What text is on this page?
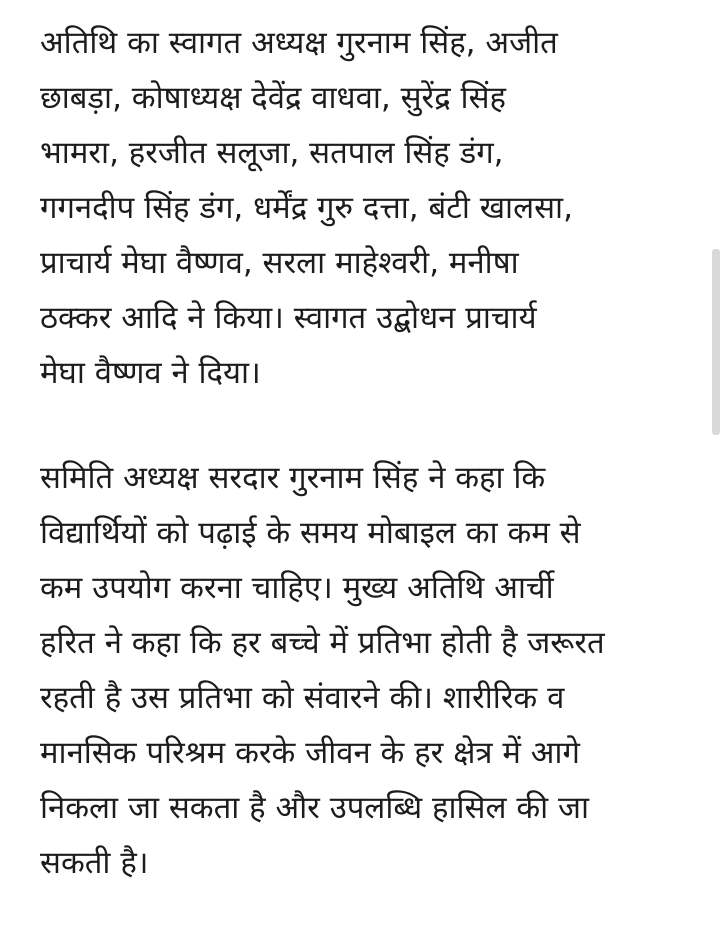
अतिथि का स्वागत अध्यक्ष गुरनाम सिंह, अजीत
छाबड़ा, कोषाध्यक्ष देवेंद्र वाधवा, सुरेंद्र सिंह
भामरा, हरजीत सलूजा, सतपाल सिंह डंग,
गगनदीप सिंह डंग, धर्मेंद्र गुरु दत्ता, बंटी खालसा,
प्राचार्य मेघा वैष्णव, सरला माहेश्वरी, मनीषा
ठक्कर आदि ने किया। स्वागत उद्बोधन प्राचार्य
मेघा वैष्णव ने दिया।

समिति अध्यक्ष सरदार गुरनाम सिंह ने कहा कि
विद्यार्थियों को पढ़ाई के समय मोबाइल का कम से
कम उपयोग करना चाहिए। मुख्य अतिथि आर्ची
हरित ने कहा कि हर बच्चे में प्रतिभा होती है जरूरत
रहती है उस प्रतिभा को संवारने की। शारीरिक व
मानसिक परिश्रम करके जीवन के हर क्षेत्र में आगे
निकला जा सकता है और उपलब्धि हासिल की जा
सकती है।
